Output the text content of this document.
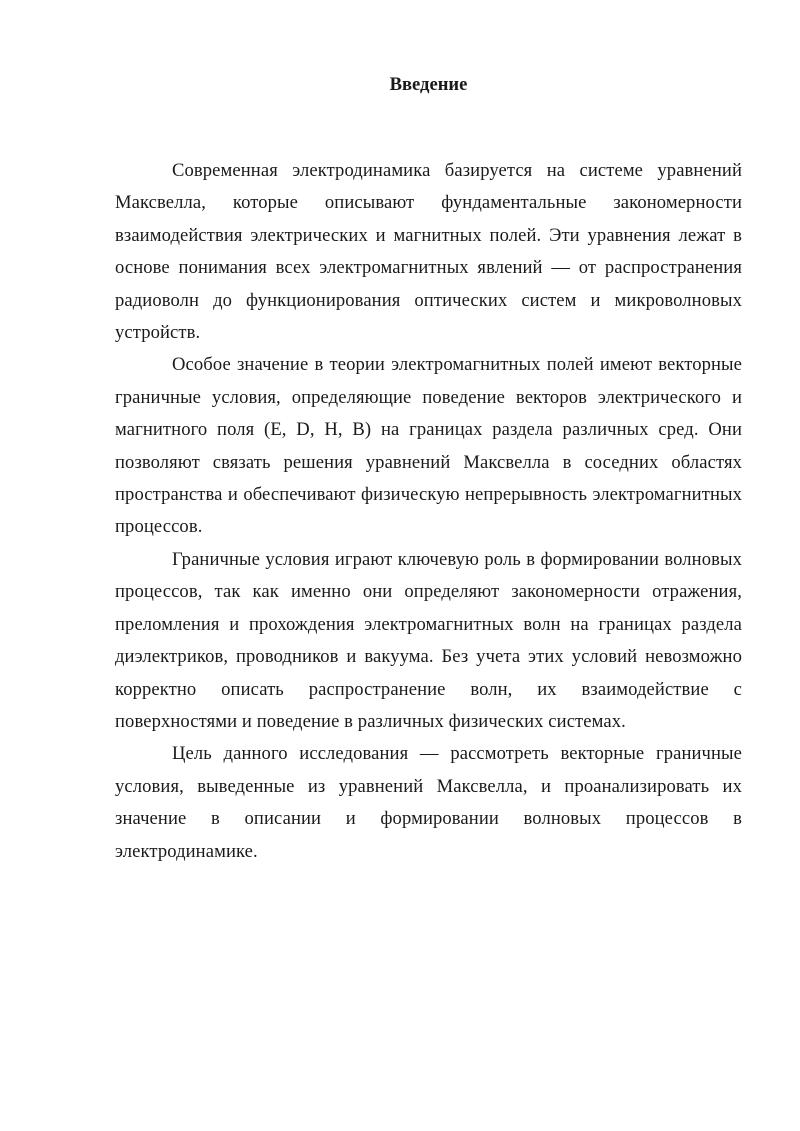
Введение

Современная электродинамика базируется на системе уравнений Максвелла, которые описывают фундаментальные закономерности взаимодействия электрических и магнитных полей. Эти уравнения лежат в основе понимания всех электромагнитных явлений — от распространения радиоволн до функционирования оптических систем и микроволновых устройств.

Особое значение в теории электромагнитных полей имеют векторные граничные условия, определяющие поведение векторов электрического и магнитного поля (E, D, H, B) на границах раздела различных сред. Они позволяют связать решения уравнений Максвелла в соседних областях пространства и обеспечивают физическую непрерывность электромагнитных процессов.

Граничные условия играют ключевую роль в формировании волновых процессов, так как именно они определяют закономерности отражения, преломления и прохождения электромагнитных волн на границах раздела диэлектриков, проводников и вакуума. Без учета этих условий невозможно корректно описать распространение волн, их взаимодействие с поверхностями и поведение в различных физических системах.

Цель данного исследования — рассмотреть векторные граничные условия, выведенные из уравнений Максвелла, и проанализировать их значение в описании и формировании волновых процессов в электродинамике.
